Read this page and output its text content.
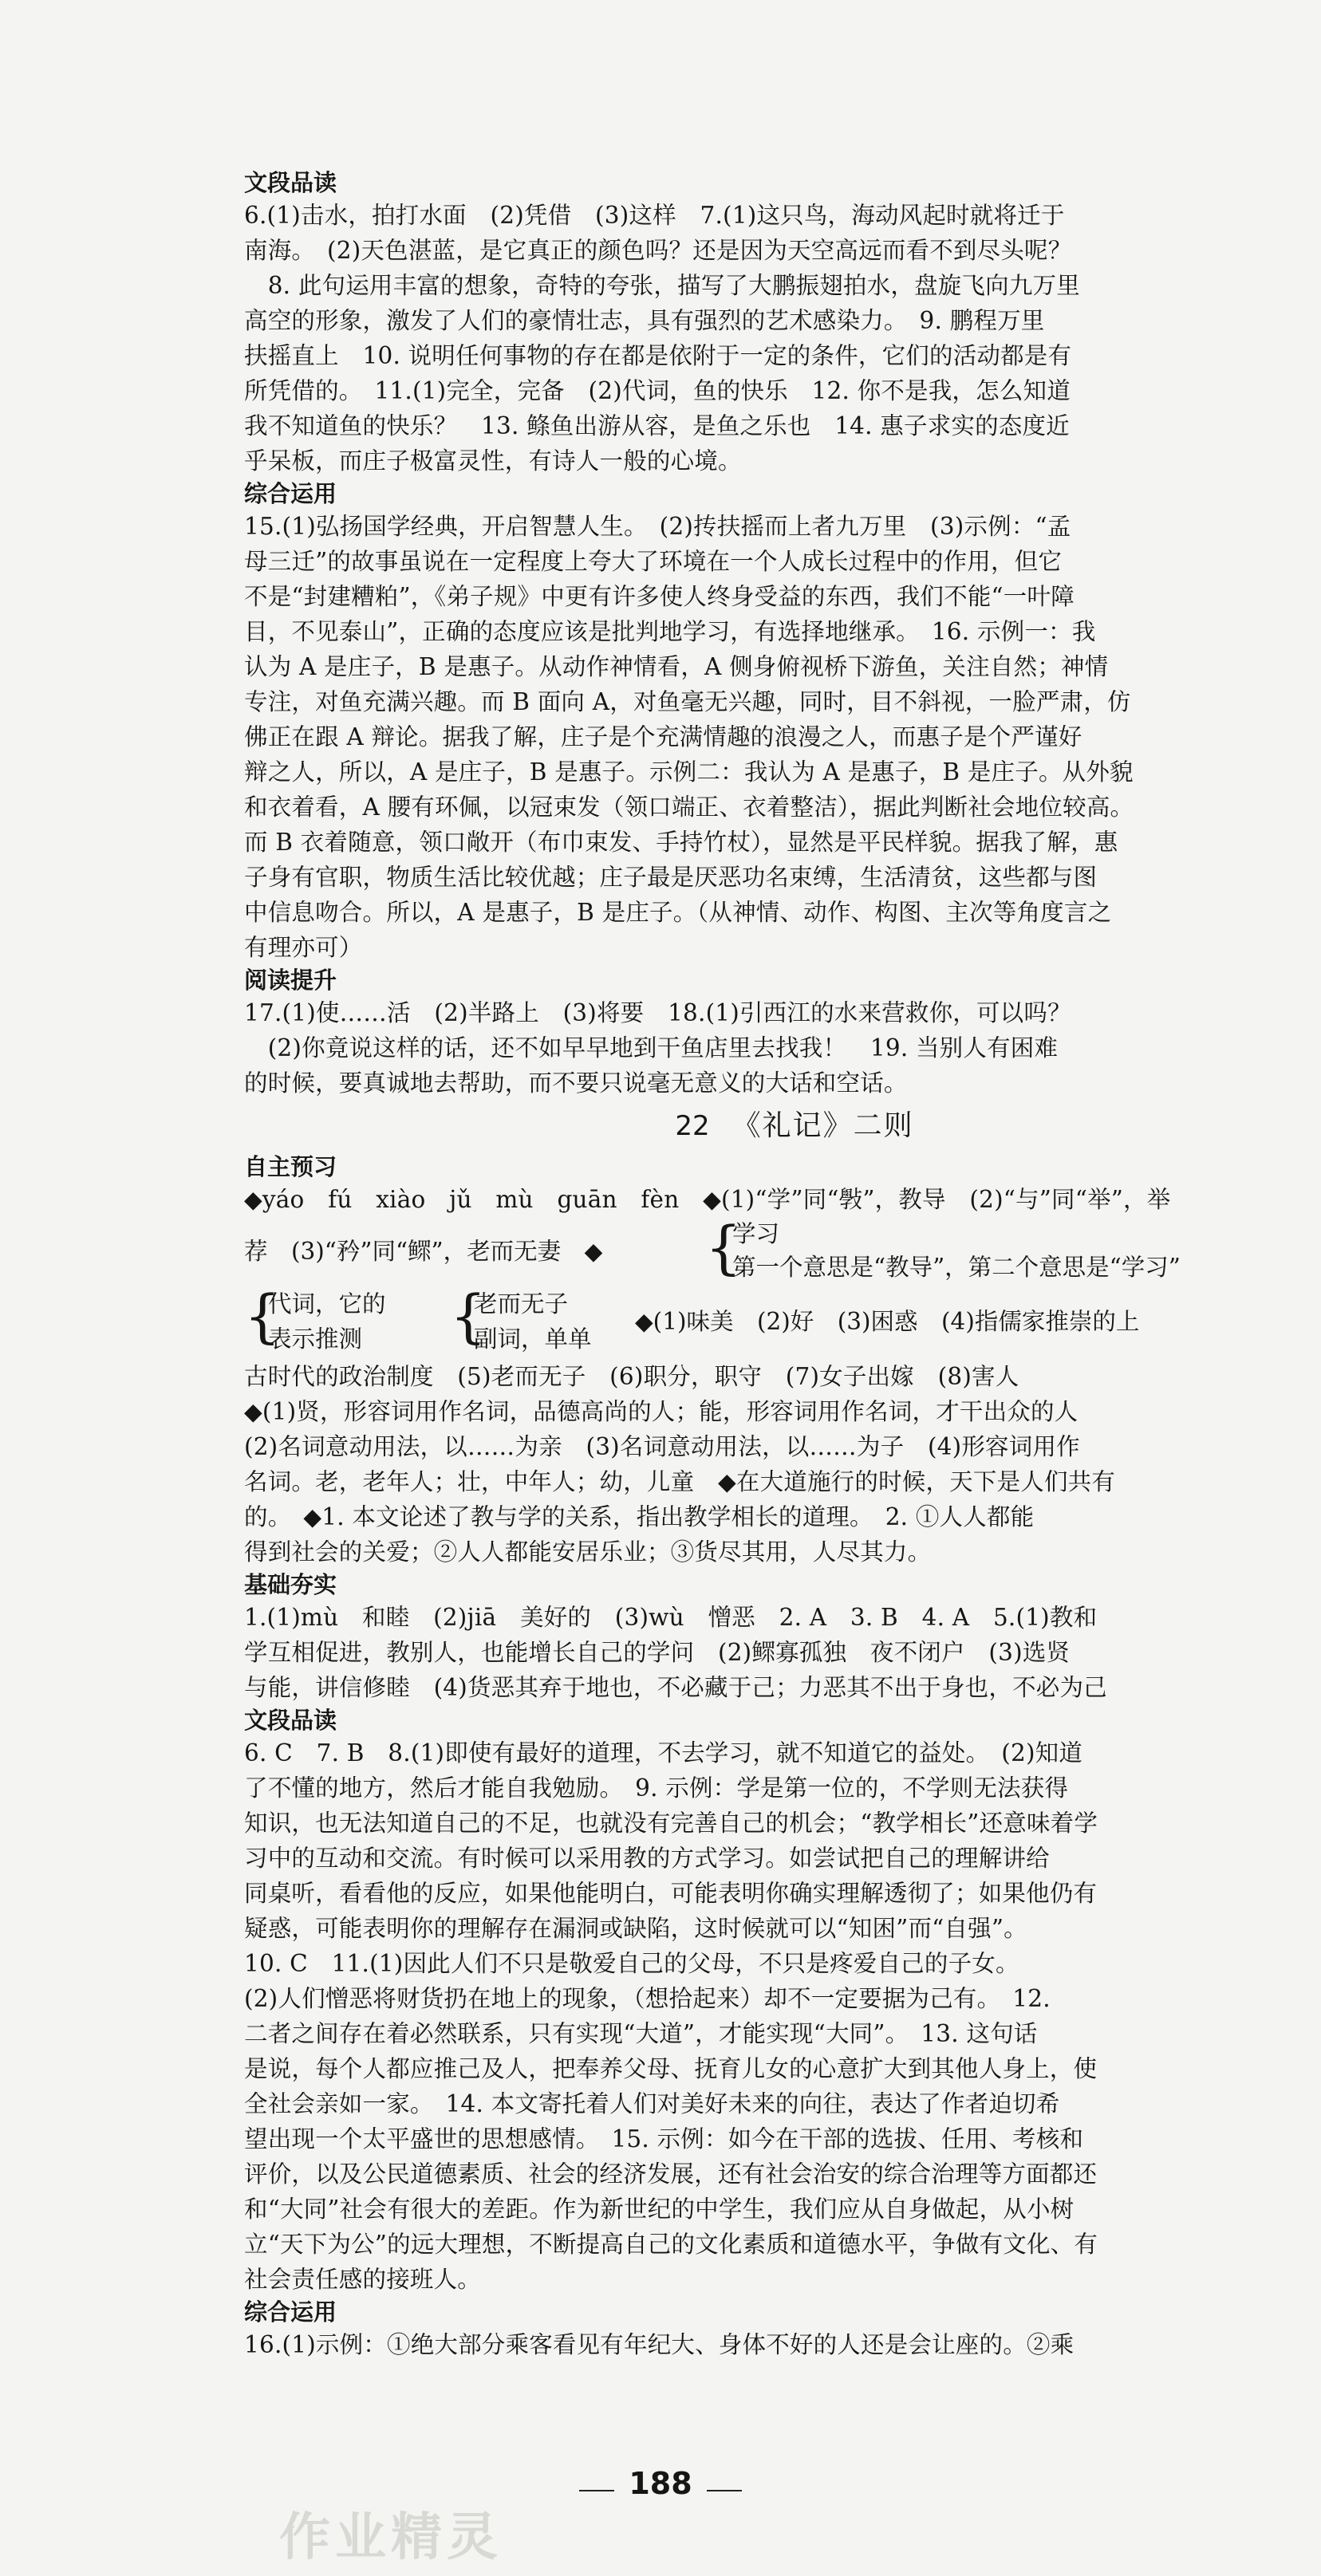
文段品读
6.(1)击水，拍打水面　(2)凭借　(3)这样　7.(1)这只鸟，海动风起时就将迁于
南海。　(2)天色湛蓝，是它真正的颜色吗？还是因为天空高远而看不到尽头呢？
　8. 此句运用丰富的想象，奇特的夸张，描写了大鹏振翅拍水，盘旋飞向九万里
高空的形象，激发了人们的豪情壮志，具有强烈的艺术感染力。　9. 鹏程万里
扶摇直上　10. 说明任何事物的存在都是依附于一定的条件，它们的活动都是有
所凭借的。　11.(1)完全，完备　(2)代词，鱼的快乐　12. 你不是我，怎么知道
我不知道鱼的快乐？　13. 鲦鱼出游从容，是鱼之乐也　14. 惠子求实的态度近
乎呆板，而庄子极富灵性，有诗人一般的心境。
综合运用
15.(1)弘扬国学经典，开启智慧人生。　(2)抟扶摇而上者九万里　(3)示例：“孟
母三迁”的故事虽说在一定程度上夸大了环境在一个人成长过程中的作用，但它
不是“封建糟粕”，《弟子规》中更有许多使人终身受益的东西，我们不能“一叶障
目，不见泰山”，正确的态度应该是批判地学习，有选择地继承。　16. 示例一：我
认为 A 是庄子，B 是惠子。从动作神情看，A 侧身俯视桥下游鱼，关注自然；神情
专注，对鱼充满兴趣。而 B 面向 A，对鱼毫无兴趣，同时，目不斜视，一脸严肃，仿
佛正在跟 A 辩论。据我了解，庄子是个充满情趣的浪漫之人，而惠子是个严谨好
辩之人，所以，A 是庄子，B 是惠子。示例二：我认为 A 是惠子，B 是庄子。从外貌
和衣着看，A 腰有环佩，以冠束发（领口端正、衣着整洁），据此判断社会地位较高。
而 B 衣着随意，领口敞开（布巾束发、手持竹杖），显然是平民样貌。据我了解，惠
子身有官职，物质生活比较优越；庄子最是厌恶功名束缚，生活清贫，这些都与图
中信息吻合。所以，A 是惠子，B 是庄子。（从神情、动作、构图、主次等角度言之
有理亦可）
阅读提升
17.(1)使……活　(2)半路上　(3)将要　18.(1)引西江的水来营救你，可以吗？
　(2)你竟说这样的话，还不如早早地到干鱼店里去找我！　19. 当别人有困难
的时候，要真诚地去帮助，而不要只说毫无意义的大话和空话。
22 《礼记》二则
自主预习
◆yáo　fú　xiào　jǔ　mù　guān　fèn　◆(1)“学”同“斅”，教导　(2)“与”同“举”，举
荐　(3)“矜”同“鳏”，老而无妻　◆ {
学习
第一个意思是“教导”，第二个意思是“学习”
{
代词，它的
表示推测 {
老而无子
副词，单单
◆(1)味美　(2)好　(3)困惑　(4)指儒家推崇的上
古时代的政治制度　(5)老而无子　(6)职分，职守　(7)女子出嫁　(8)害人
◆(1)贤，形容词用作名词，品德高尚的人；能，形容词用作名词，才干出众的人
(2)名词意动用法，以……为亲　(3)名词意动用法，以……为子　(4)形容词用作
名词。老，老年人；壮，中年人；幼，儿童　◆在大道施行的时候，天下是人们共有
的。　◆1. 本文论述了教与学的关系，指出教学相长的道理。　2. ①人人都能
得到社会的关爱；②人人都能安居乐业；③货尽其用，人尽其力。
基础夯实
1.(1)mù　和睦　(2)jiā　美好的　(3)wù　憎恶　2. A　3. B　4. A　5.(1)教和
学互相促进，教别人，也能增长自己的学问　(2)鳏寡孤独　夜不闭户　(3)选贤
与能，讲信修睦　(4)货恶其弃于地也，不必藏于己；力恶其不出于身也，不必为己
文段品读
6. C　7. B　8.(1)即使有最好的道理，不去学习，就不知道它的益处。　(2)知道
了不懂的地方，然后才能自我勉励。　9. 示例：学是第一位的，不学则无法获得
知识，也无法知道自己的不足，也就没有完善自己的机会；“教学相长”还意味着学
习中的互动和交流。有时候可以采用教的方式学习。如尝试把自己的理解讲给
同桌听，看看他的反应，如果他能明白，可能表明你确实理解透彻了；如果他仍有
疑惑，可能表明你的理解存在漏洞或缺陷，这时候就可以“知困”而“自强”。
10. C　11.(1)因此人们不只是敬爱自己的父母，不只是疼爱自己的子女。
(2)人们憎恶将财货扔在地上的现象，（想拾起来）却不一定要据为己有。　12.
二者之间存在着必然联系，只有实现“大道”，才能实现“大同”。　13. 这句话
是说，每个人都应推己及人，把奉养父母、抚育儿女的心意扩大到其他人身上，使
全社会亲如一家。　14. 本文寄托着人们对美好未来的向往，表达了作者迫切希
望出现一个太平盛世的思想感情。　15. 示例：如今在干部的选拔、任用、考核和
评价，以及公民道德素质、社会的经济发展，还有社会治安的综合治理等方面都还
和“大同”社会有很大的差距。作为新世纪的中学生，我们应从自身做起，从小树
立“天下为公”的远大理想，不断提高自己的文化素质和道德水平，争做有文化、有
社会责任感的接班人。
综合运用
16.(1)示例：①绝大部分乘客看见有年纪大、身体不好的人还是会让座的。②乘
188
作业精灵
